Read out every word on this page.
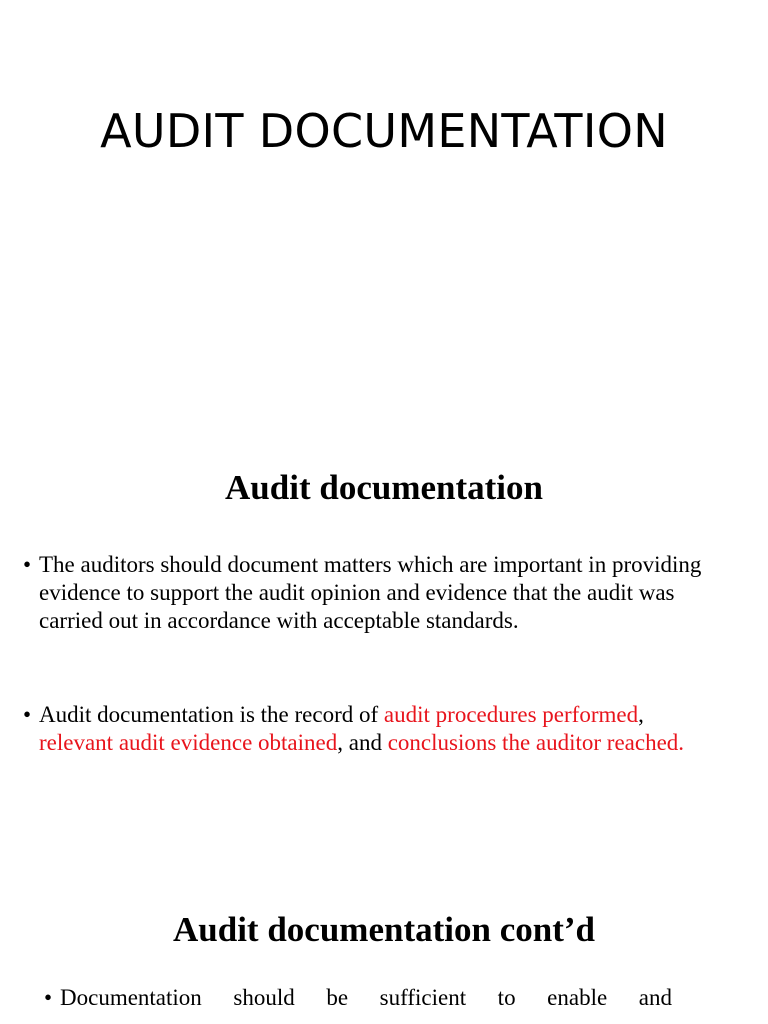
AUDIT DOCUMENTATION
Audit documentation

• The auditors should document matters which are important in providing evidence to support the audit opinion and evidence that the audit was carried out in accordance with acceptable standards.

• Audit documentation is the record of audit procedures performed,
relevant audit evidence obtained, and conclusions the auditor reached.

Audit documentation cont’d

• Documentation should be sufficient to enable and
